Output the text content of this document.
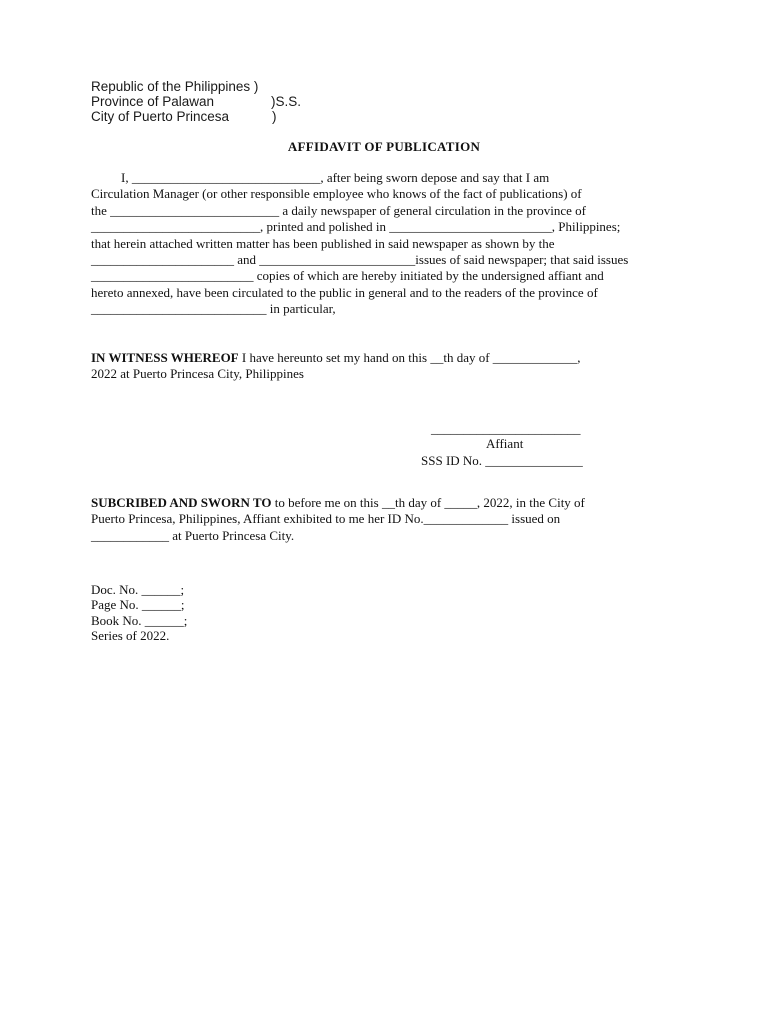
Republic of the Philippines )
Province of Palawan	)S.S.
City of Puerto Princesa	)
AFFIDAVIT OF PUBLICATION
I, _____________________________, after being sworn depose and say that I am
Circulation Manager (or other responsible employee who knows of the fact of publications) of
the __________________________ a daily newspaper of general circulation in the province of
__________________________, printed and polished in _________________________, Philippines;
that herein attached written matter has been published in said newspaper as shown by the
______________________ and ________________________issues of said newspaper; that said issues
_________________________ copies of which are hereby initiated by the undersigned affiant and
hereto annexed, have been circulated to the public in general and to the readers of the province of
___________________________ in particular,
IN WITNESS WHEREOF I have hereunto set my hand on this __th day of _____________,
2022 at Puerto Princesa City, Philippines
_______________________
Affiant
SSS ID No. _______________
SUBCRIBED AND SWORN TO to before me on this __th day of _____, 2022, in the City of
Puerto Princesa, Philippines, Affiant exhibited to me her ID No._____________ issued on
____________ at Puerto Princesa City.
Doc. No. ______;
Page No. ______;
Book No. ______;
Series of 2022.
